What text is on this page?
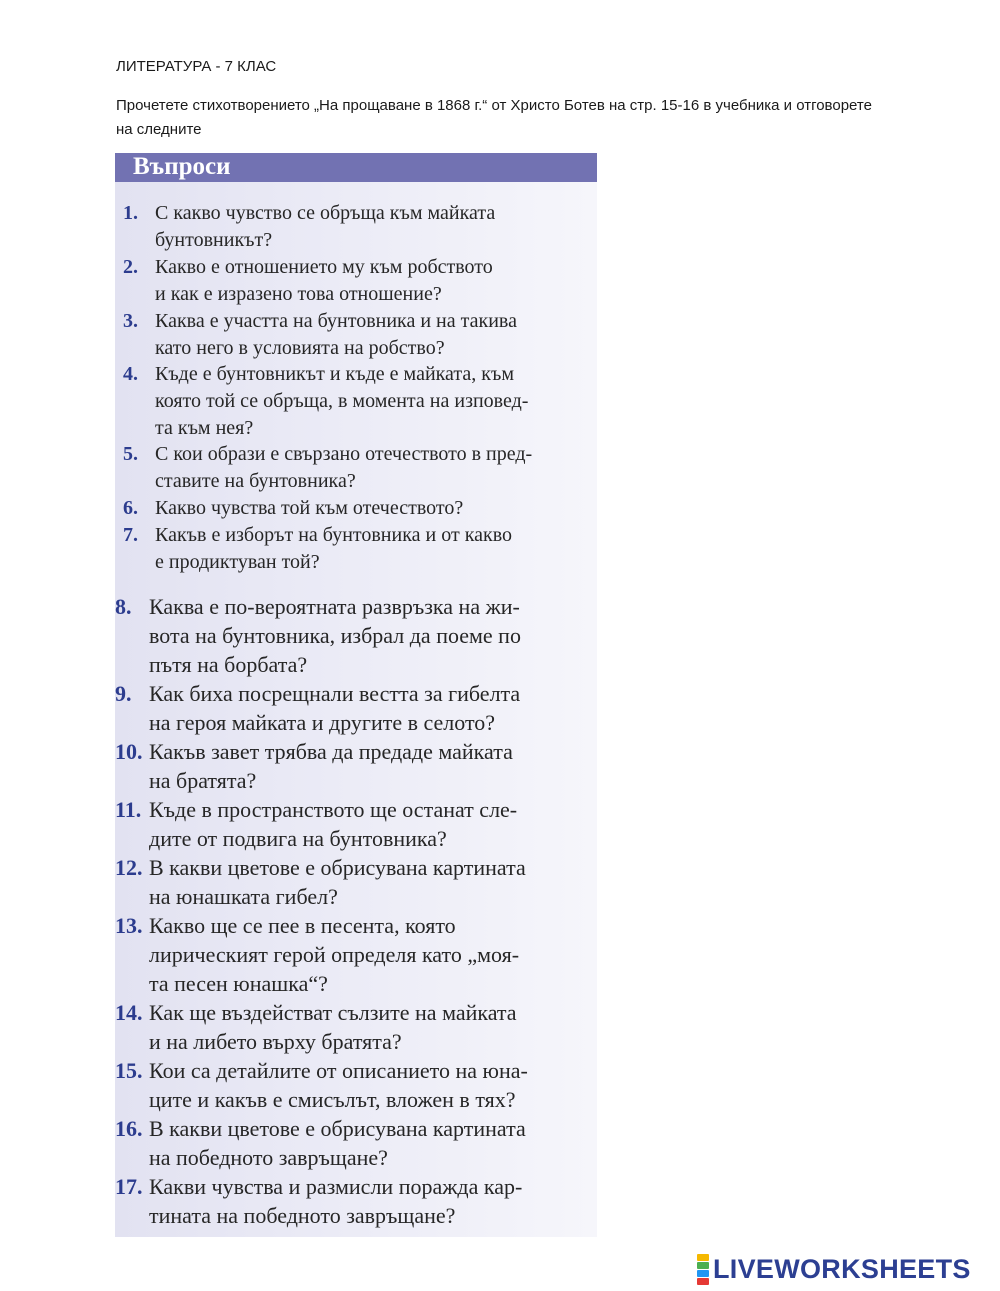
ЛИТЕРАТУРА - 7 КЛАС
Прочетете стихотворението „На прощаване в 1868 г.“ от Христо Ботев на стр. 15-16 в учебника и отговорете на следните
Въпроси
1. С какво чувство се обръща към майката
бунтовникът?
2. Какво е отношението му към робството
и как е изразено това отношение?
3. Каква е участта на бунтовника и на такива
като него в условията на робство?
4. Къде е бунтовникът и къде е майката, към
която той се обръща, в момента на изповед-
та към нея?
5. С кои образи е свързано отечеството в пред-
ставите на бунтовника?
6. Какво чувства той към отечеството?
7. Какъв е изборът на бунтовника и от какво
е продиктуван той?
8. Каква е по-вероятната развръзка на жи-
вота на бунтовника, избрал да поеме по
пътя на борбата?
9. Как биха посрещнали вестта за гибелта
на героя майката и другите в селото?
10. Какъв завет трябва да предаде майката
на братята?
11. Къде в пространството ще останат сле-
дите от подвига на бунтовника?
12. В какви цветове е обрисувана картината
на юнашката гибел?
13. Какво ще се пее в песента, която
лирическият герой определя като „моя-
та песен юнашка“?
14. Как ще въздействат сълзите на майката
и на либето върху братята?
15. Кои са детайлите от описанието на юна-
ците и какъв е смисълът, вложен в тях?
16. В какви цветове е обрисувана картината
на победното завръщане?
17. Какви чувства и размисли поражда кар-
тината на победното завръщане?
LIVEWORKSHEETS
